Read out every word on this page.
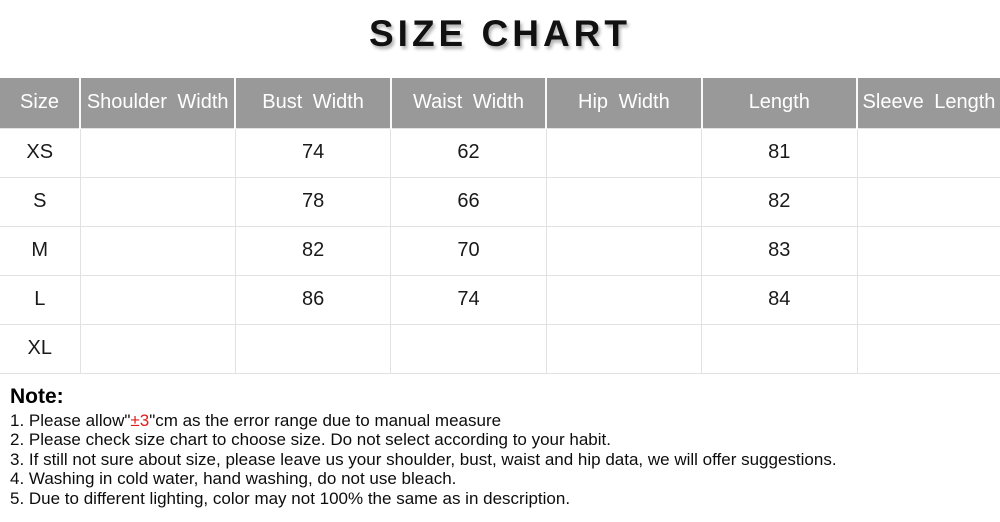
SIZE CHART
Size	Shoulder Width	Bust Width	Waist Width	Hip Width	Length	Sleeve Length
XS		74	62		81	
S		78	66		82	
M		82	70		83	
L		86	74		84	
XL						
Note:
1. Please allow"±3"cm as the error range due to manual measure
2. Please check size chart to choose size. Do not select according to your habit.
3. If still not sure about size, please leave us your shoulder, bust, waist and hip data, we will offer suggestions.
4. Washing in cold water, hand washing, do not use bleach.
5. Due to different lighting, color may not 100% the same as in description.
